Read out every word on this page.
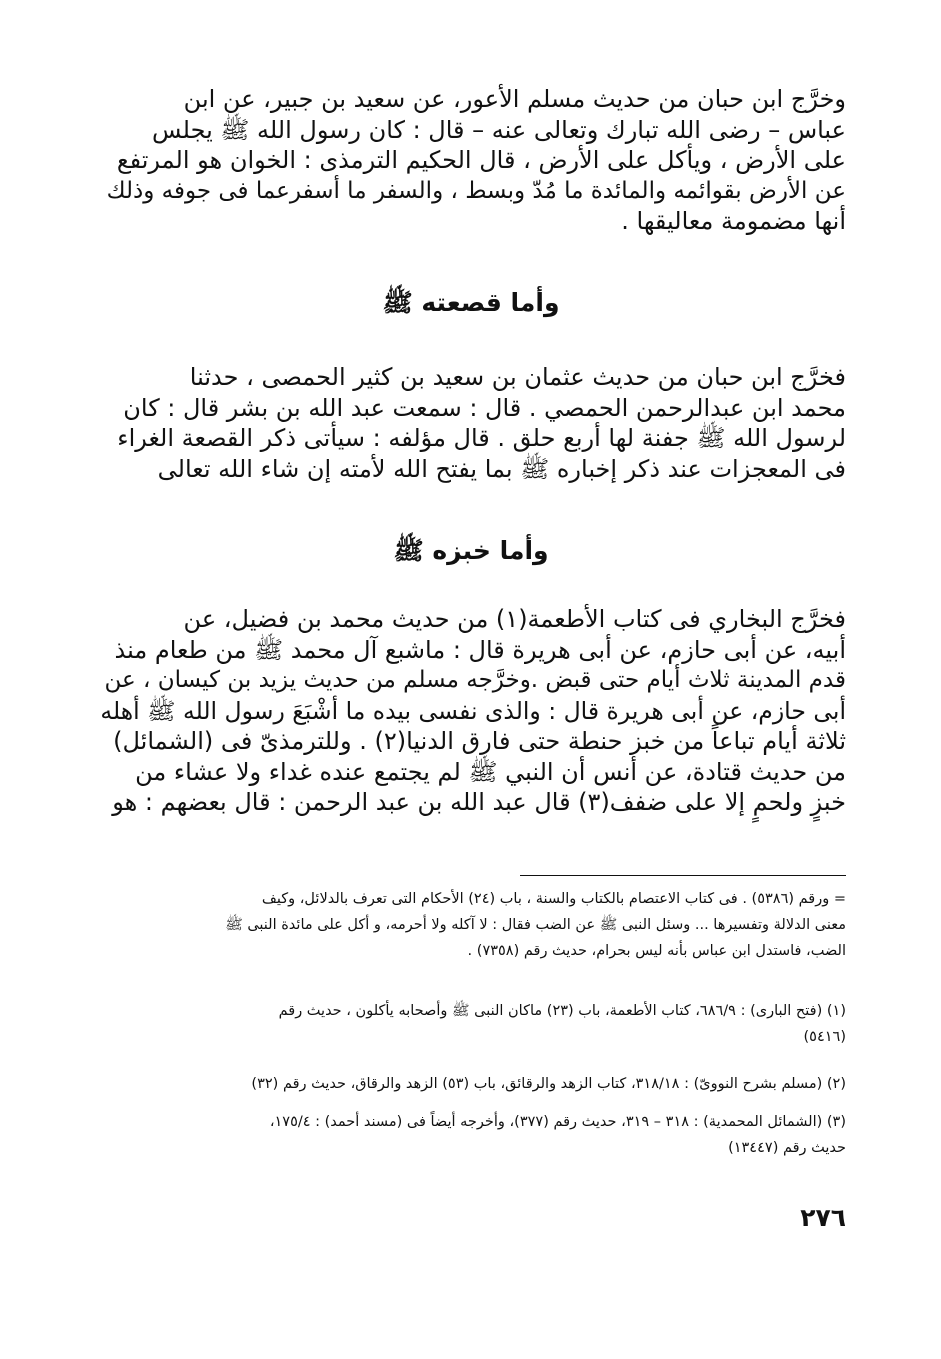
وخرَّج ابن حبان من حديث مسلم الأعور، عن سعيد بن جبير، عن ابن
عباس – رضى الله تبارك وتعالى عنه – قال : كان رسول الله ﷺ يجلس
على الأرض ، ويأكل على الأرض ، قال الحكيم الترمذى : الخوان هو المرتفع
عن الأرض بقوائمه والمائدة ما مُدّ وبسط ، والسفر ما أسفرعما فى جوفه وذلك
أنها مضمومة معاليقها .
وأما قصعته ﷺ
فخرَّج ابن حبان من حديث عثمان بن سعيد بن كثير الحمصى ، حدثنا
محمد ابن عبدالرحمن الحمصي . قال : سمعت عبد الله بن بشر قال : كان
لرسول الله ﷺ جفنة لها أربع حلق . قال مؤلفه : سيأتى ذكر القصعة الغراء
فى المعجزات عند ذكر إخباره ﷺ بما يفتح الله لأمته إن شاء الله تعالى
وأما خبزه ﷺ
فخرَّج البخاري فى كتاب الأطعمة(١) من حديث محمد بن فضيل، عن
أبيه، عن أبى حازم، عن أبى هريرة قال : ماشبع آل محمد ﷺ من طعام منذ
قدم المدينة ثلاث أيام حتى قبض .وخرَّجه مسلم من حديث يزيد بن كيسان ، عن
أبى حازم، عن أبى هريرة قال : والذى نفسى بيده ما أشْبَعَ رسول الله ﷺ أهله
ثلاثة أيام تباعاً من خبز حنطة حتى فارق الدنيا(٢) . وللترمذىّ فى (الشمائل)
من حديث قتادة، عن أنس أن النبي ﷺ لم يجتمع عنده غداء ولا عشاء من
خبزٍ ولحمٍ إلا على ضفف(٣) قال عبد الله بن عبد الرحمن : قال بعضهم : هو
= ورقم (٥٣٨٦) . فى كتاب الاعتصام بالكتاب والسنة ، باب (٢٤) الأحكام التى تعرف بالدلائل، وكيف
معنى الدلالة وتفسيرها ... وسئل النبى ﷺ عن الضب فقال : لا آكله ولا أحرمه، و أكل على مائدة النبى ﷺ
الضب، فاستدل ابن عباس بأنه ليس بحرام، حديث رقم (٧٣٥٨) .
(١) (فتح البارى) : ٦٨٦/٩، كتاب الأطعمة، باب (٢٣) ماكان النبى ﷺ وأصحابه يأكلون ، حديث رقم
(٥٤١٦)
(٢) (مسلم بشرح النووىّ) : ٣١٨/١٨، كتاب الزهد والرقائق، باب (٥٣) الزهد والرقاق، حديث رقم (٣٢)
(٣) (الشمائل المحمدية) : ٣١٨ – ٣١٩، حديث رقم (٣٧٧)، وأخرجه أيضاً فى (مسند أحمد) : ١٧٥/٤،
حديث رقم (١٣٤٤٧)
٢٧٦
